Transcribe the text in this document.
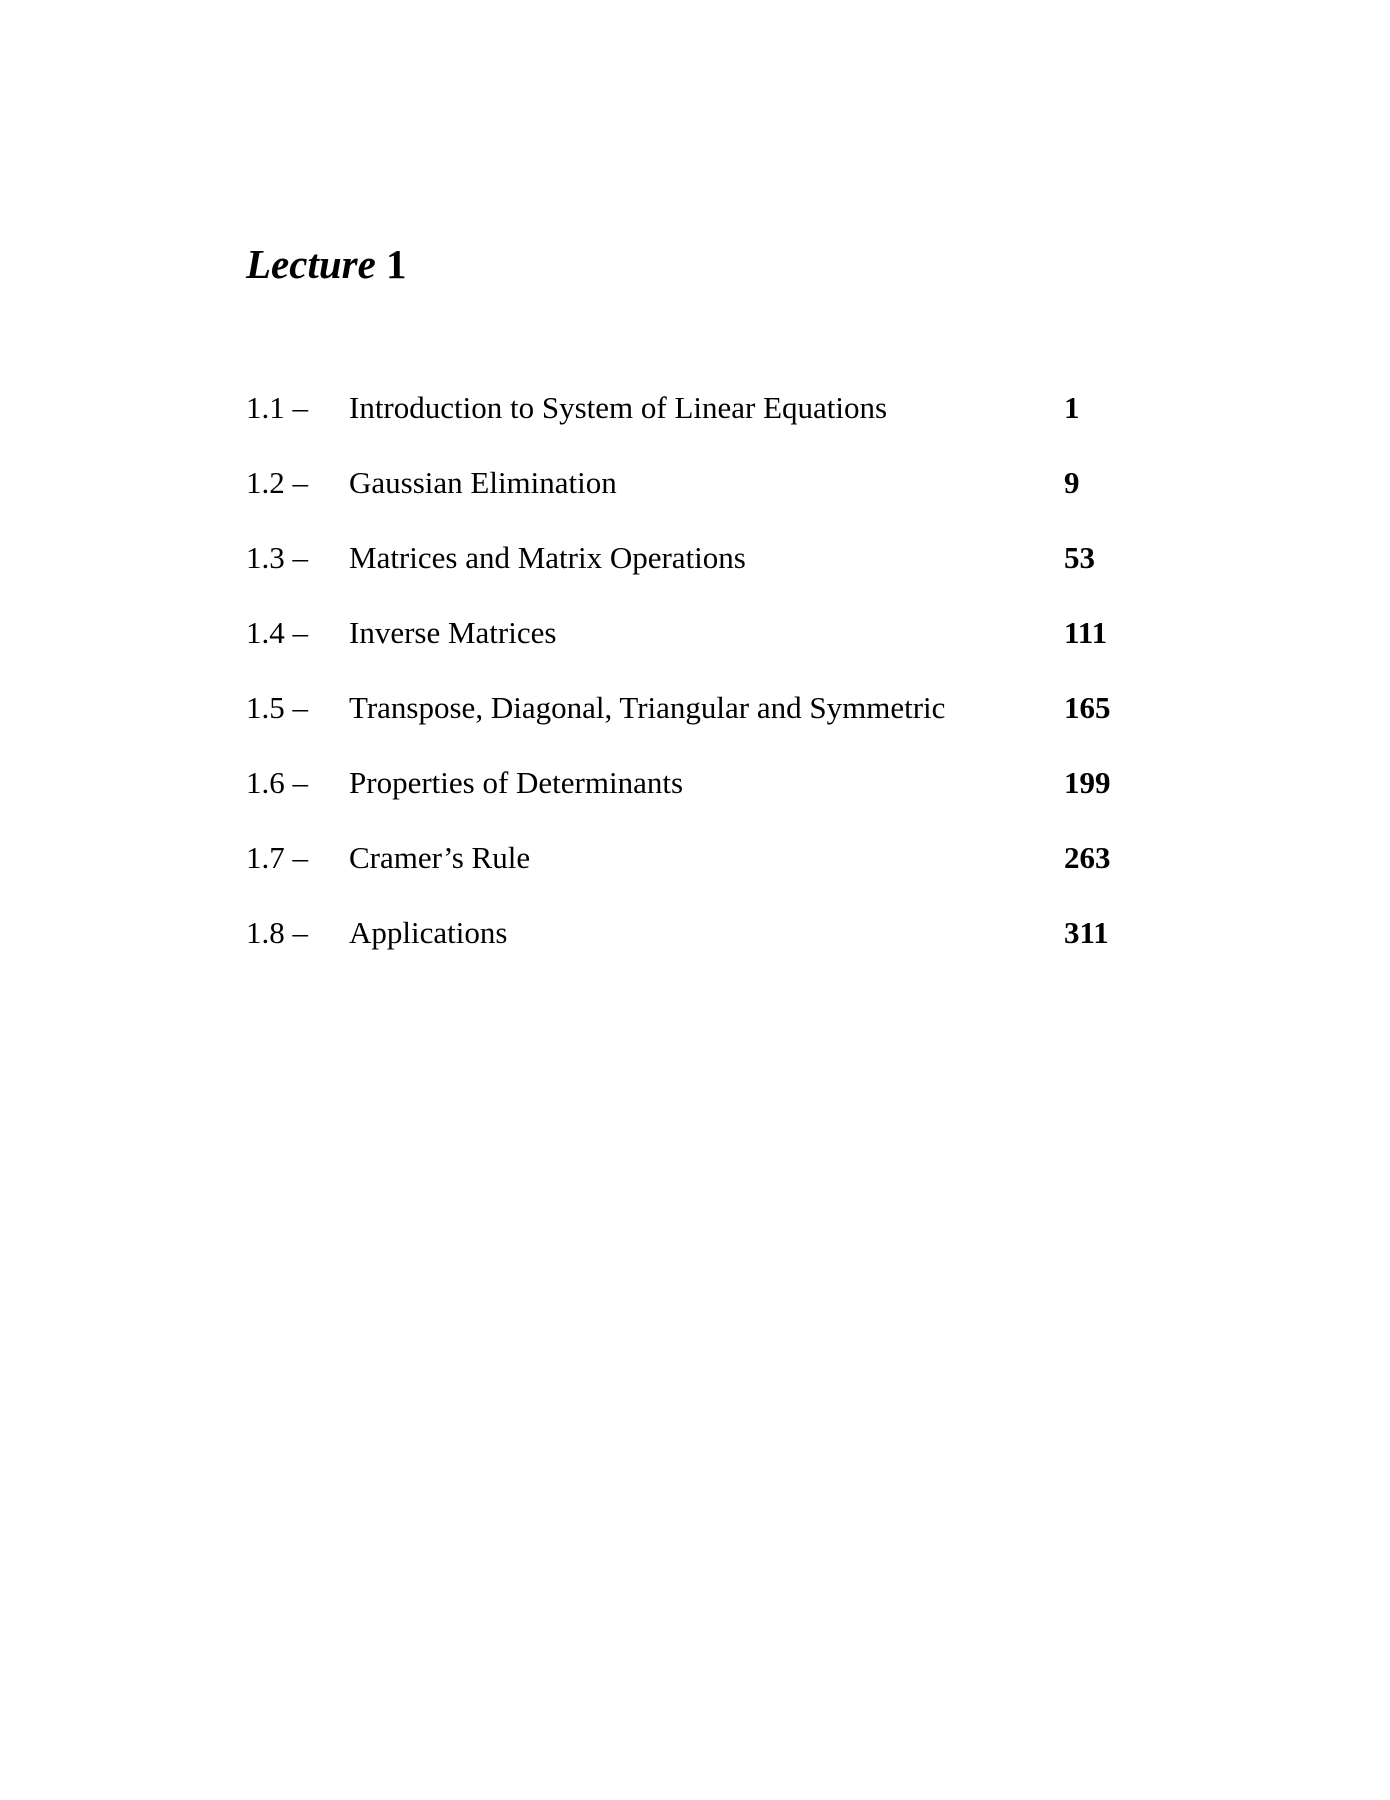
Lecture 1
1.1 –	Introduction to System of Linear Equations	1
1.2 –	Gaussian Elimination	9
1.3 –	Matrices and Matrix Operations	53
1.4 –	Inverse Matrices	111
1.5 –	Transpose, Diagonal, Triangular and Symmetric	165
1.6 –	Properties of Determinants	199
1.7 –	Cramer’s Rule	263
1.8 –	Applications	311
